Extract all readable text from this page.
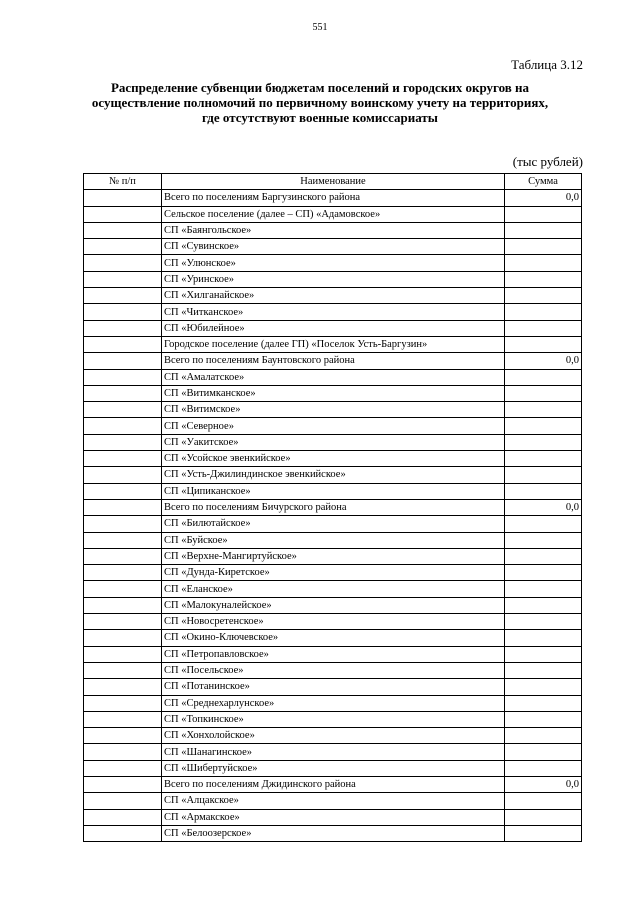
551
Таблица 3.12
Распределение субвенции бюджетам поселений и городских округов на
осуществление полномочий по первичному воинскому учету на территориях,
где отсутствуют военные комиссариаты
(тыс рублей)
№ п/п	Наименование	Сумма
	Всего по поселениям Баргузинского района	0,0
	Сельское поселение (далее – СП) «Адамовское»	
	СП «Баянгольское»	
	СП «Сувинское»	
	СП «Улюнское»	
	СП «Уринское»	
	СП «Хилганайское»	
	СП «Читканское»	
	СП «Юбилейное»	
	Городское поселение (далее ГП) «Поселок Усть-Баргузин»	
	Всего по поселениям Баунтовского района	0,0
	СП «Амалатское»	
	СП «Витимканское»	
	СП «Витимское»	
	СП «Северное»	
	СП «Уакитское»	
	СП «Усойское эвенкийское»	
	СП «Усть-Джилиндинское эвенкийское»	
	СП «Ципиканское»	
	Всего по поселениям Бичурского района	0,0
	СП «Билютайское»	
	СП «Буйское»	
	СП «Верхне-Мангиртуйское»	
	СП «Дунда-Киретское»	
	СП «Еланское»	
	СП «Малокуналейское»	
	СП «Новосретенское»	
	СП «Окино-Ключевское»	
	СП «Петропавловское»	
	СП «Посельское»	
	СП «Потанинское»	
	СП «Среднехарлунское»	
	СП «Топкинское»	
	СП «Хонхолойское»	
	СП «Шанагинское»	
	СП «Шибертуйское»	
	Всего по поселениям Джидинского района	0,0
	СП «Алцакское»	
	СП «Армакское»	
	СП «Белоозерское»	
